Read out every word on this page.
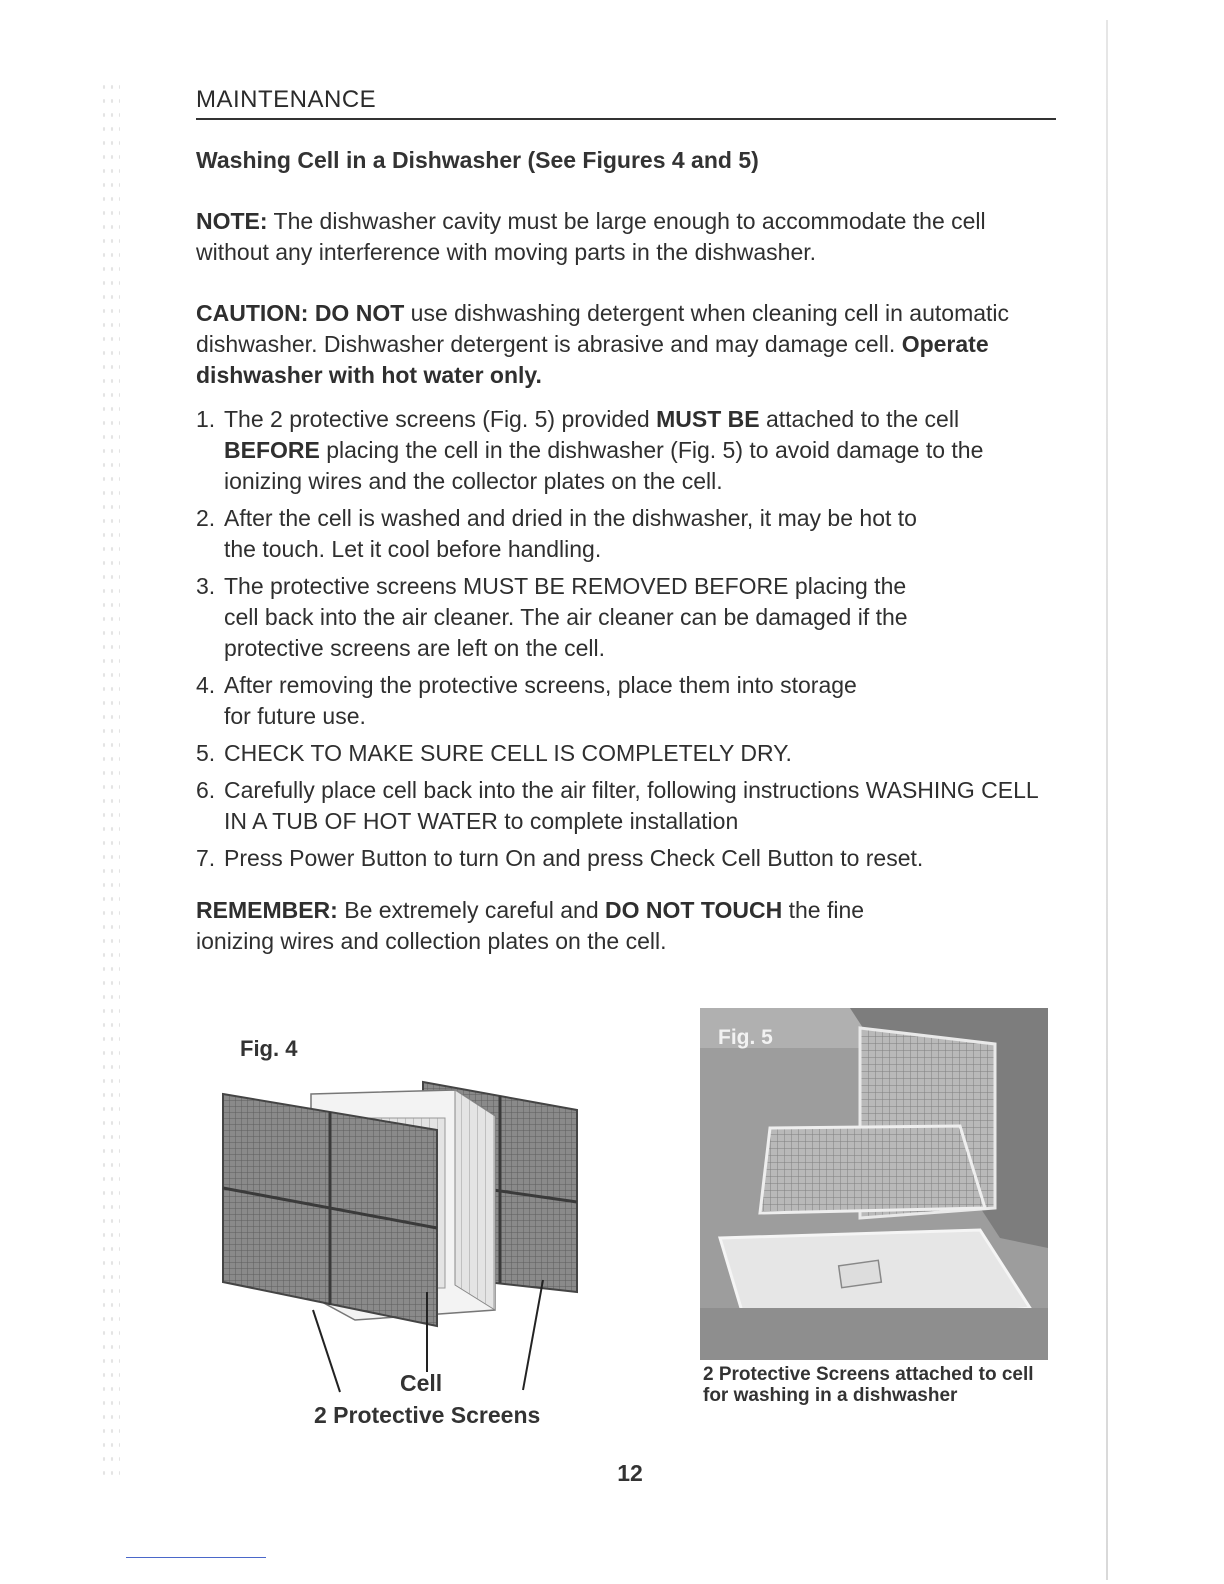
MAINTENANCE
Washing Cell in a Dishwasher (See Figures 4 and 5)
NOTE: The dishwasher cavity must be large enough to accommodate the cell without any interference with moving parts in the dishwasher.
CAUTION: DO NOT use dishwashing detergent when cleaning cell in automatic dishwasher. Dishwasher detergent is abrasive and may damage cell. Operate dishwasher with hot water only.
1. The 2 protective screens (Fig. 5) provided MUST BE attached to the cell BEFORE placing the cell in the dishwasher (Fig. 5) to avoid damage to the ionizing wires and the collector plates on the cell.
2. After the cell is washed and dried in the dishwasher, it may be hot to the touch. Let it cool before handling.
3. The protective screens MUST BE REMOVED BEFORE placing the cell back into the air cleaner. The air cleaner can be damaged if the protective screens are left on the cell.
4. After removing the protective screens, place them into storage for future use.
5. CHECK TO MAKE SURE CELL IS COMPLETELY DRY.
6. Carefully place cell back into the air filter, following instructions WASHING CELL IN A TUB OF HOT WATER to complete installation
7. Press Power Button to turn On and press Check Cell Button to reset.
REMEMBER: Be extremely careful and DO NOT TOUCH the fine ionizing wires and collection plates on the cell.
Fig. 4
Cell
2 Protective Screens
Fig. 5
2 Protective Screens attached to cell for washing in a dishwasher
12
